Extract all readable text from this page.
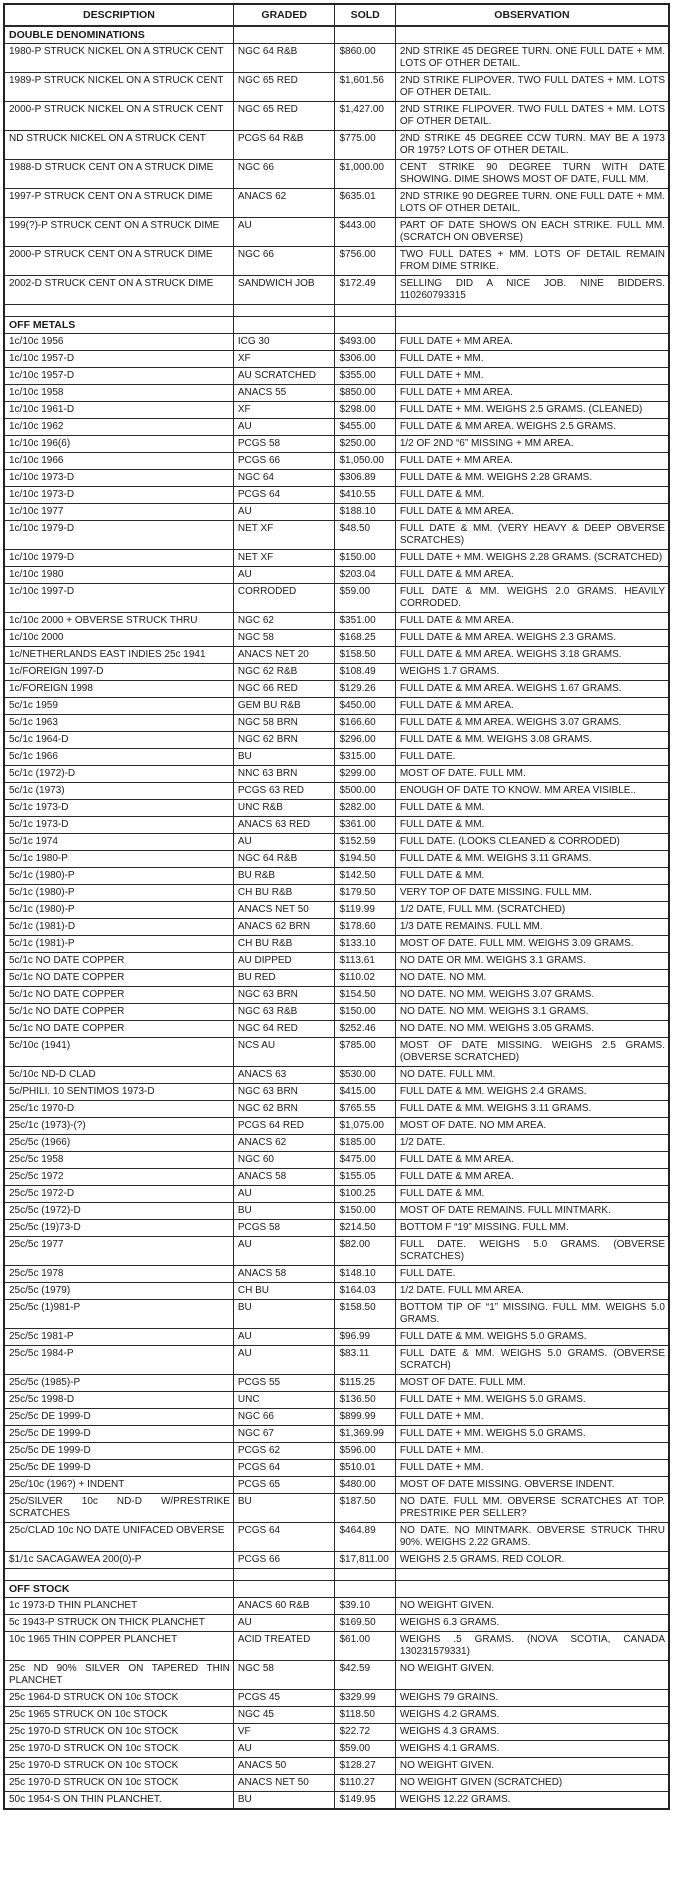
DESCRIPTION	GRADED	SOLD	OBSERVATION
DOUBLE DENOMINATIONS			
1980-P STRUCK NICKEL ON A STRUCK CENT	NGC 64 R&B	$860.00	2ND STRIKE 45 DEGREE TURN. ONE FULL DATE + MM. LOTS OF OTHER DETAIL.
1989-P STRUCK NICKEL ON A STRUCK CENT	NGC 65 RED	$1,601.56	2ND STRIKE FLIPOVER. TWO FULL DATES + MM. LOTS OF OTHER DETAIL.
2000-P STRUCK NICKEL ON A STRUCK CENT	NGC 65 RED	$1,427.00	2ND STRIKE FLIPOVER. TWO FULL DATES + MM. LOTS OF OTHER DETAIL.
ND STRUCK NICKEL ON A STRUCK CENT	PCGS 64 R&B	$775.00	2ND STRIKE 45 DEGREE CCW TURN. MAY BE A 1973 OR 1975? LOTS OF OTHER DETAIL.
1988-D STRUCK CENT ON A STRUCK DIME	NGC 66	$1,000.00	CENT STRIKE 90 DEGREE TURN WITH DATE SHOWING. DIME SHOWS MOST OF DATE, FULL MM.
1997-P STRUCK CENT ON A STRUCK DIME	ANACS 62	$635.01	2ND STRIKE 90 DEGREE TURN. ONE FULL DATE + MM. LOTS OF OTHER DETAIL.
199(?)-P STRUCK CENT ON A STRUCK DIME	AU	$443.00	PART OF DATE SHOWS ON EACH STRIKE. FULL MM. (SCRATCH ON OBVERSE)
2000-P STRUCK CENT ON A STRUCK DIME	NGC 66	$756.00	TWO FULL DATES + MM. LOTS OF DETAIL REMAIN FROM DIME STRIKE.
2002-D STRUCK CENT ON A STRUCK DIME	SANDWICH JOB	$172.49	SELLING DID A NICE JOB. NINE BIDDERS. 110260793315

OFF METALS			
1c/10c 1956	ICG 30	$493.00	FULL DATE + MM AREA.
1c/10c 1957-D	XF	$306.00	FULL DATE + MM.
1c/10c 1957-D	AU SCRATCHED	$355.00	FULL DATE + MM.
1c/10c 1958	ANACS 55	$850.00	FULL DATE + MM AREA.
1c/10c 1961-D	XF	$298.00	FULL DATE + MM. WEIGHS 2.5 GRAMS. (CLEANED)
1c/10c 1962	AU	$455.00	FULL DATE & MM AREA. WEIGHS 2.5 GRAMS.
1c/10c 196(6)	PCGS 58	$250.00	1/2 OF 2ND “6” MISSING + MM AREA.
1c/10c 1966	PCGS 66	$1,050.00	FULL DATE + MM AREA.
1c/10c 1973-D	NGC 64	$306.89	FULL DATE & MM. WEIGHS 2.28 GRAMS.
1c/10c 1973-D	PCGS 64	$410.55	FULL DATE & MM.
1c/10c 1977	AU	$188.10	FULL DATE & MM AREA.
1c/10c 1979-D	NET XF	$48.50	FULL DATE & MM. (VERY HEAVY & DEEP OBVERSE SCRATCHES)
1c/10c 1979-D	NET XF	$150.00	FULL DATE + MM. WEIGHS 2.28 GRAMS. (SCRATCHED)
1c/10c 1980	AU	$203.04	FULL DATE & MM AREA.
1c/10c 1997-D	CORRODED	$59.00	FULL DATE & MM. WEIGHS 2.0 GRAMS. HEAVILY CORRODED.
1c/10c 2000 + OBVERSE STRUCK THRU	NGC 62	$351.00	FULL DATE & MM AREA.
1c/10c 2000	NGC 58	$168.25	FULL DATE & MM AREA. WEIGHS 2.3 GRAMS.
1c/NETHERLANDS EAST INDIES 25c 1941	ANACS NET 20	$158.50	FULL DATE & MM AREA. WEIGHS 3.18 GRAMS.
1c/FOREIGN 1997-D	NGC 62 R&B	$108.49	WEIGHS 1.7 GRAMS.
1c/FOREIGN 1998	NGC 66 RED	$129.26	FULL DATE & MM AREA. WEIGHS 1.67 GRAMS.
5c/1c 1959	GEM BU R&B	$450.00	FULL DATE & MM AREA.
5c/1c 1963	NGC 58 BRN	$166.60	FULL DATE & MM AREA. WEIGHS 3.07 GRAMS.
5c/1c 1964-D	NGC 62 BRN	$296.00	FULL DATE & MM. WEIGHS 3.08 GRAMS.
5c/1c 1966	BU	$315.00	FULL DATE.
5c/1c (1972)-D	NNC 63 BRN	$299.00	MOST OF DATE. FULL MM.
5c/1c (1973)	PCGS 63 RED	$500.00	ENOUGH OF DATE TO KNOW. MM AREA VISIBLE..
5c/1c 1973-D	UNC R&B	$282.00	FULL DATE & MM.
5c/1c 1973-D	ANACS 63 RED	$361.00	FULL DATE & MM.
5c/1c 1974	AU	$152.59	FULL DATE. (LOOKS CLEANED & CORRODED)
5c/1c 1980-P	NGC 64 R&B	$194.50	FULL DATE & MM. WEIGHS 3.11 GRAMS.
5c/1c (1980)-P	BU R&B	$142.50	FULL DATE & MM.
5c/1c (1980)-P	CH BU R&B	$179.50	VERY TOP OF DATE MISSING. FULL MM.
5c/1c (1980)-P	ANACS NET 50	$119.99	1/2 DATE, FULL MM. (SCRATCHED)
5c/1c (1981)-D	ANACS 62 BRN	$178.60	1/3 DATE REMAINS. FULL MM.
5c/1c (1981)-P	CH BU R&B	$133.10	MOST OF DATE. FULL MM. WEIGHS 3.09 GRAMS.
5c/1c NO DATE COPPER	AU DIPPED	$113.61	NO DATE OR MM. WEIGHS 3.1 GRAMS.
5c/1c NO DATE COPPER	BU RED	$110.02	NO DATE. NO MM.
5c/1c NO DATE COPPER	NGC 63 BRN	$154.50	NO DATE. NO MM. WEIGHS 3.07 GRAMS.
5c/1c NO DATE COPPER	NGC 63 R&B	$150.00	NO DATE. NO MM. WEIGHS 3.1 GRAMS.
5c/1c NO DATE COPPER	NGC 64 RED	$252.46	NO DATE. NO MM. WEIGHS 3.05 GRAMS.
5c/10c (1941)	NCS AU	$785.00	MOST OF DATE MISSING. WEIGHS 2.5 GRAMS. (OBVERSE SCRATCHED)
5c/10c ND-D CLAD	ANACS 63	$530.00	NO DATE. FULL MM.
5c/PHILI. 10 SENTIMOS 1973-D	NGC 63 BRN	$415.00	FULL DATE & MM. WEIGHS 2.4 GRAMS.
25c/1c 1970-D	NGC 62 BRN	$765.55	FULL DATE & MM. WEIGHS 3.11 GRAMS.
25c/1c (1973)-(?)	PCGS 64 RED	$1,075.00	MOST OF DATE. NO MM AREA.
25c/5c (1966)	ANACS 62	$185.00	1/2 DATE.
25c/5c 1958	NGC 60	$475.00	FULL DATE & MM AREA.
25c/5c 1972	ANACS 58	$155.05	FULL DATE & MM AREA.
25c/5c 1972-D	AU	$100.25	FULL DATE & MM.
25c/5c (1972)-D	BU	$150.00	MOST OF DATE REMAINS. FULL MINTMARK.
25c/5c (19)73-D	PCGS 58	$214.50	BOTTOM F “19” MISSING. FULL MM.
25c/5c 1977	AU	$82.00	FULL DATE. WEIGHS 5.0 GRAMS. (OBVERSE SCRATCHES)
25c/5c 1978	ANACS 58	$148.10	FULL DATE.
25c/5c (1979)	CH BU	$164.03	1/2 DATE. FULL MM AREA.
25c/5c (1)981-P	BU	$158.50	BOTTOM TIP OF “1” MISSING. FULL MM. WEIGHS 5.0 GRAMS.
25c/5c 1981-P	AU	$96.99	FULL DATE & MM. WEIGHS 5.0 GRAMS.
25c/5c 1984-P	AU	$83.11	FULL DATE & MM. WEIGHS 5.0 GRAMS. (OBVERSE SCRATCH)
25c/5c (1985)-P	PCGS 55	$115.25	MOST OF DATE. FULL MM.
25c/5c 1998-D	UNC	$136.50	FULL DATE + MM. WEIGHS 5.0 GRAMS.
25c/5c DE 1999-D	NGC 66	$899.99	FULL DATE + MM.
25c/5c DE 1999-D	NGC 67	$1,369.99	FULL DATE + MM. WEIGHS 5.0 GRAMS.
25c/5c DE 1999-D	PCGS 62	$596.00	FULL DATE + MM.
25c/5c DE 1999-D	PCGS 64	$510.01	FULL DATE + MM.
25c/10c (196?) + INDENT	PCGS 65	$480.00	MOST OF DATE MISSING. OBVERSE INDENT.
25c/SILVER 10c ND-D W/PRESTRIKE SCRATCHES	BU	$187.50	NO DATE. FULL MM. OBVERSE SCRATCHES AT TOP. PRESTRIKE PER SELLER?
25c/CLAD 10c NO DATE UNIFACED OBVERSE	PCGS 64	$464.89	NO DATE. NO MINTMARK. OBVERSE STRUCK THRU 90%. WEIGHS 2.22 GRAMS.
$1/1c SACAGAWEA 200(0)-P	PCGS 66	$17,811.00	WEIGHS 2.5 GRAMS. RED COLOR.

OFF STOCK			
1c 1973-D THIN PLANCHET	ANACS 60 R&B	$39.10	NO WEIGHT GIVEN.
5c 1943-P STRUCK ON THICK PLANCHET	AU	$169.50	WEIGHS 6.3 GRAMS.
10c 1965 THIN COPPER PLANCHET	ACID TREATED	$61.00	WEIGHS .5 GRAMS. (NOVA SCOTIA, CANADA 130231579331)
25c ND 90% SILVER ON TAPERED THIN PLANCHET	NGC 58	$42.59	NO WEIGHT GIVEN.
25c 1964-D STRUCK ON 10c STOCK	PCGS 45	$329.99	WEIGHS 79 GRAINS.
25c 1965 STRUCK ON 10c STOCK	NGC 45	$118.50	WEIGHS 4.2 GRAMS.
25c 1970-D STRUCK ON 10c STOCK	VF	$22.72	WEIGHS 4.3 GRAMS.
25c 1970-D STRUCK ON 10c STOCK	AU	$59.00	WEIGHS 4.1 GRAMS.
25c 1970-D STRUCK ON 10c STOCK	ANACS 50	$128.27	NO WEIGHT GIVEN.
25c 1970-D STRUCK ON 10c STOCK	ANACS NET 50	$110.27	NO WEIGHT GIVEN (SCRATCHED)
50c 1954-S ON THIN PLANCHET.	BU	$149.95	WEIGHS 12.22 GRAMS.
